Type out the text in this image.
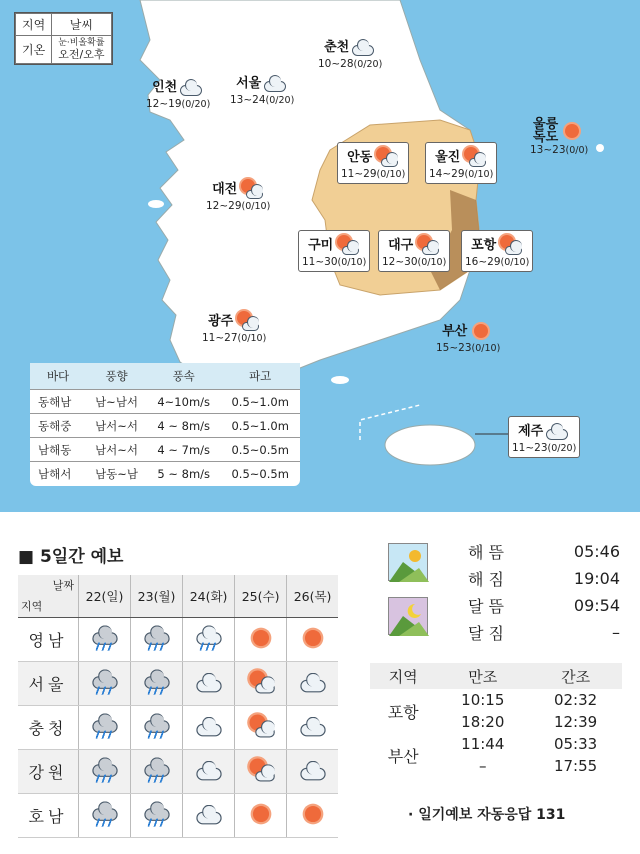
지역	날씨
기온	눈·비올확률
오전/오후
인천
12~19(0/20)
서울
13~24(0/20)
춘천
10~28(0/20)
대전
12~29(0/10)
광주
11~27(0/10)
안동
11~29(0/10)
울진
14~29(0/10)
구미
11~30(0/10)
대구
12~30(0/10)
포항
16~29(0/10)
부산
15~23(0/10)
울릉
독도
13~23(0/0)
제주
11~23(0/20)
바다	풍향	풍속	파고
동해남	남~남서	4~10m/s	0.5~1.0m
동해중	남서~서	4 ~ 8m/s	0.5~1.0m
남해동	남서~서	4 ~ 7m/s	0.5~0.5m
남해서	남동~남	5 ~ 8m/s	0.5~0.5m
■ 5일간 예보
날짜
지역	22(일)	23(월)	24(화)	25(수)	26(목)
영남	

서울	

충청	

강원	

호남	

해뜸	05:46
해짐	19:04
달뜸	09:54
달짐	–
지역	만조	간조
포항	10:15	02:32
	18:20	12:39
부산	11:44	05:33
	–	17:55
· 일기예보 자동응답 131
